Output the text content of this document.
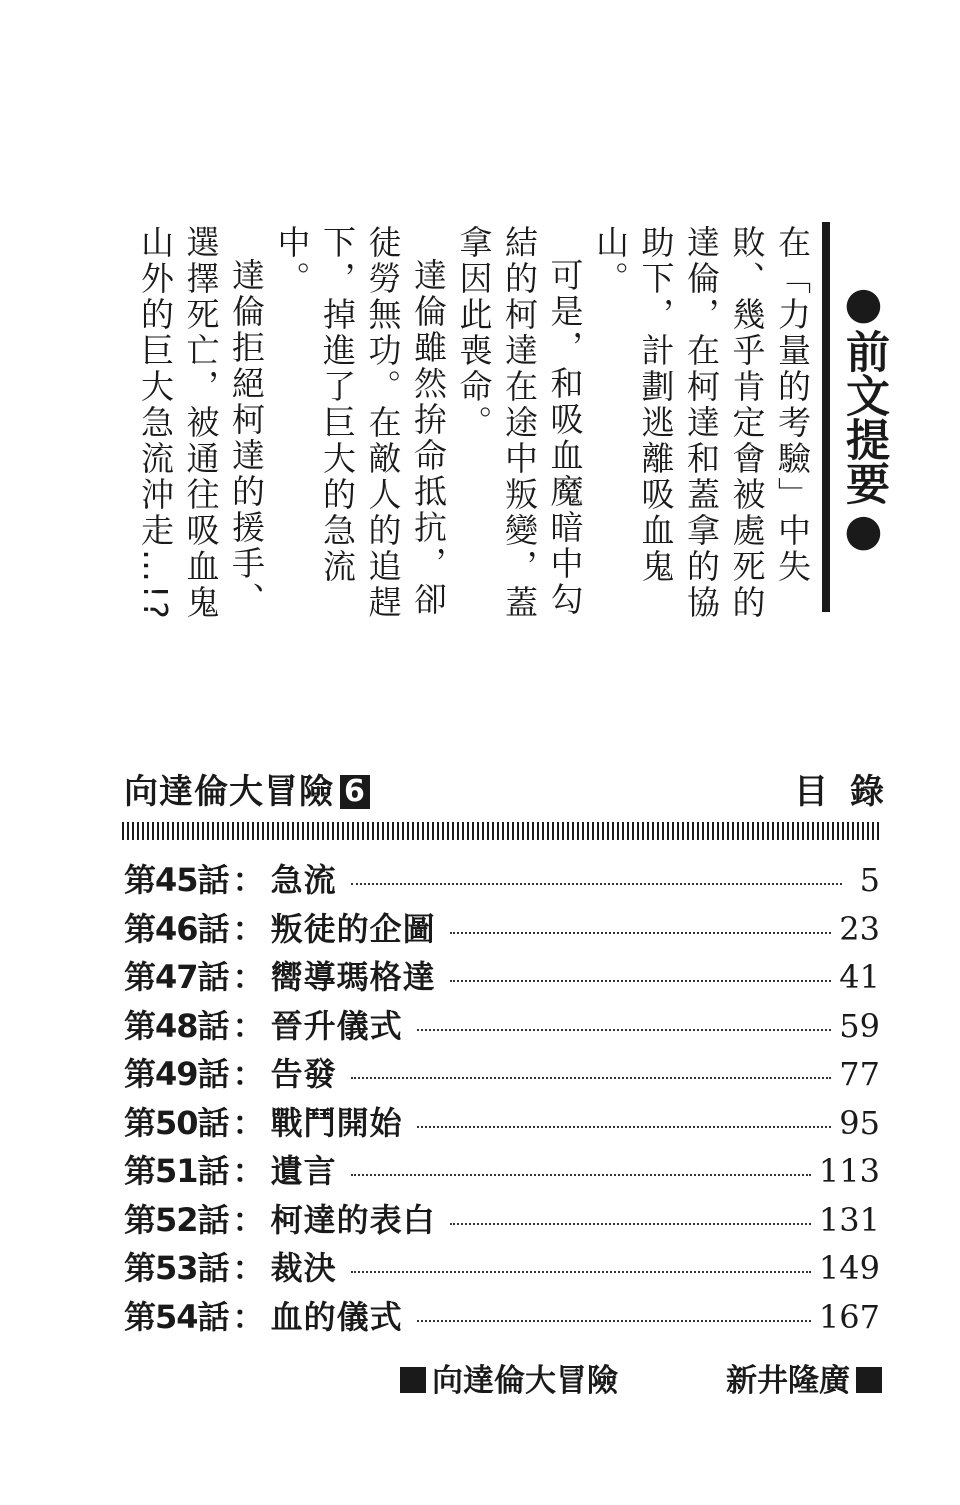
●前文提要●

在「力量的考驗」中失敗、幾乎肯定會被處死的達倫，在柯達和蓋拿的協助下，計劃逃離吸血鬼山。

可是，和吸血魔暗中勾結的柯達在途中叛變，蓋拿因此喪命。

達倫雖然拚命抵抗，卻徒勞無功。在敵人的追趕下，掉進了巨大的急流中。

達倫拒絕柯達的援手、選擇死亡，被通往吸血鬼山外的巨大急流沖走…!?

向達倫大冒險 6	目錄
第45話 ： 急流	5
第46話 ： 叛徒的企圖	23
第47話 ： 嚮導瑪格達	41
第48話 ： 晉升儀式	59
第49話 ： 告發	77
第50話 ： 戰鬥開始	95
第51話 ： 遺言	113
第52話 ： 柯達的表白	131
第53話 ： 裁決	149
第54話 ： 血的儀式	167
向達倫大冒險	新井隆廣
